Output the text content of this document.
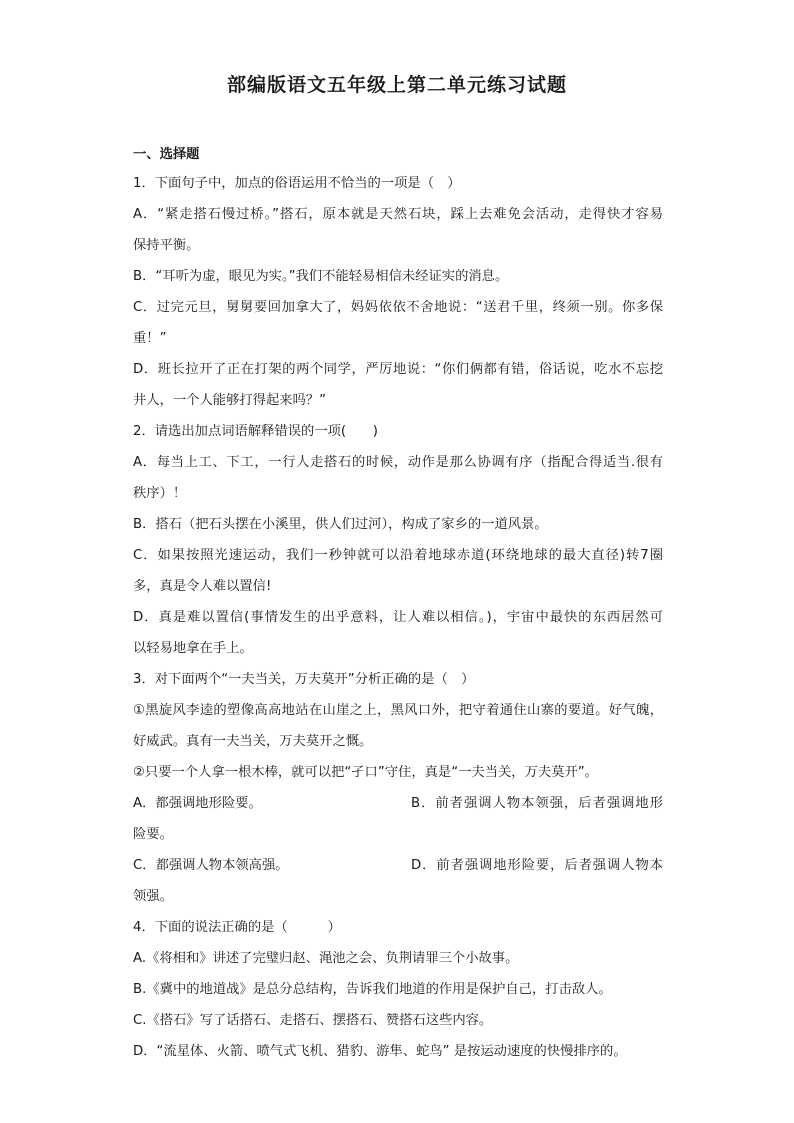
部编版语文五年级上第二单元练习试题
一、选择题
1．下面句子中，加点的俗语运用不恰当的一项是（　）
A．“紧走搭石慢过桥。”搭石，原本就是天然石块，踩上去难免会活动，走得快才容易
保持平衡。
B．“耳听为虚，眼见为实。”我们不能轻易相信未经证实的消息。
C．过完元旦，舅舅要回加拿大了，妈妈依依不舍地说：“送君千里，终须一别。你多保
重！”
D．班长拉开了正在打架的两个同学，严厉地说：“你们俩都有错，俗话说，吃水不忘挖
井人，一个人能够打得起来吗？”
2．请选出加点词语解释错误的一项(　　)
A．每当上工、下工，一行人走搭石的时候，动作是那么协调有序（指配合得适当.很有
秩序）！
B．搭石（把石头摆在小溪里，供人们过河），构成了家乡的一道风景。
C．如果按照光速运动，我们一秒钟就可以沿着地球赤道(环绕地球的最大直径)转7圈
多，真是令人难以置信!
D．真是难以置信(事情发生的出乎意料，让人难以相信。)，宇宙中最快的东西居然可
以轻易地拿在手上。
3．对下面两个“一夫当关，万夫莫开”分析正确的是（　）
①黑旋风李逵的塑像高高地站在山崖之上，黑风口外，把守着通住山寨的要道。好气魄，
好威武。真有一夫当关，万夫莫开之慨。
②只要一个人拿一根木棒，就可以把“孑口”守住，真是“一夫当关，万夫莫开”。
A．都强调地形险要。	B．前者强调人物本领强，后者强调地形
险要。
C．都强调人物本领高强。	D．前者强调地形险要，后者强调人物本
领强。
4．下面的说法正确的是（　　　）
A.《将相和》讲述了完璧归赵、渑池之会、负荆请罪三个小故事。
B.《冀中的地道战》是总分总结构，告诉我们地道的作用是保护自己，打击敌人。
C.《搭石》写了话搭石、走搭石、摆搭石、赞搭石这些内容。
D．“流星体、火箭、喷气式飞机、猎豹、游隼、蛇鸟” 是按运动速度的快慢排序的。
